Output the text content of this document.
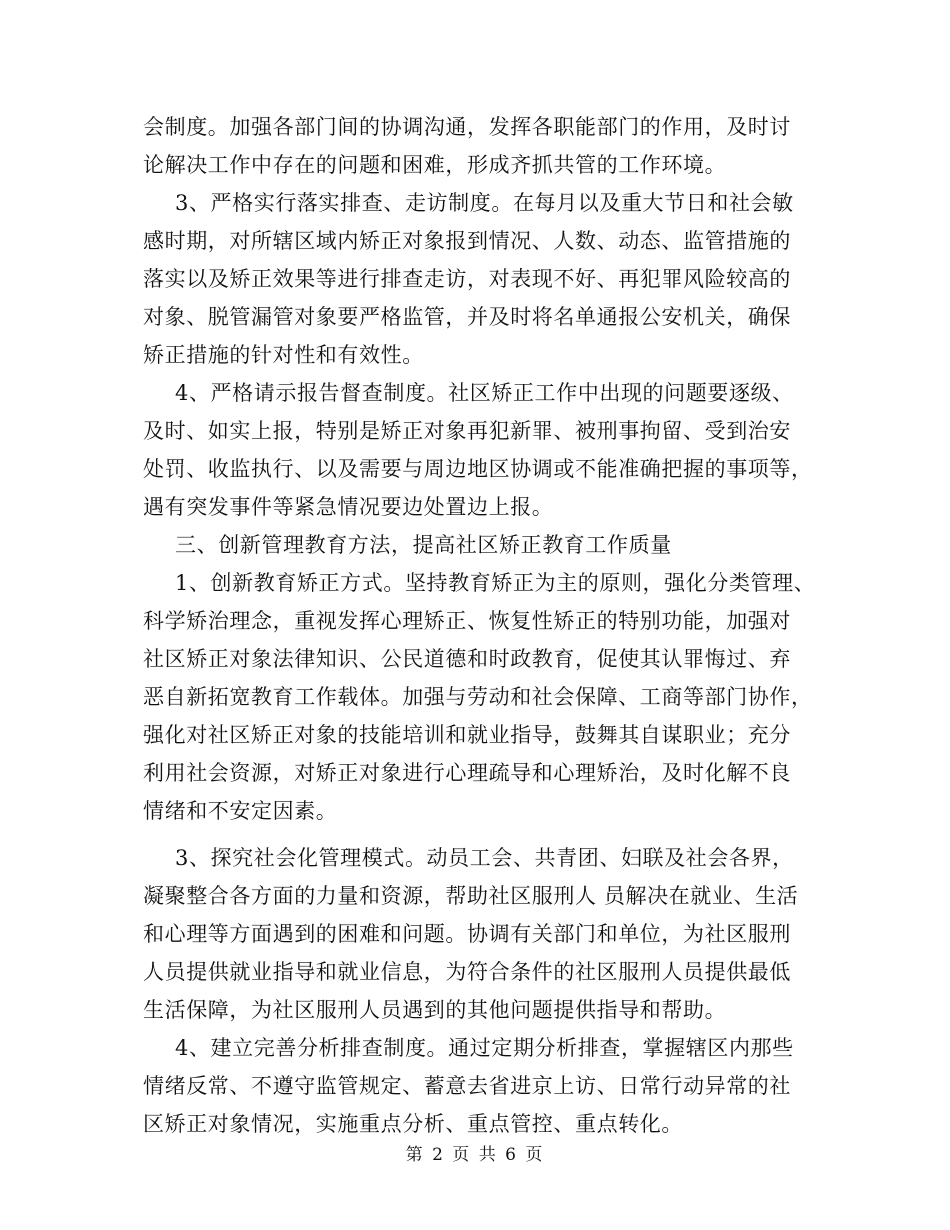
会制度。加强各部门间的协调沟通，发挥各职能部门的作用，及时讨

论解决工作中存在的问题和困难，形成齐抓共管的工作环境。

3、严格实行落实排查、走访制度。在每月以及重大节日和社会敏

感时期，对所辖区域内矫正对象报到情况、人数、动态、监管措施的

落实以及矫正效果等进行排查走访，对表现不好、再犯罪风险较高的

对象、脱管漏管对象要严格监管，并及时将名单通报公安机关，确保

矫正措施的针对性和有效性。

4、严格请示报告督查制度。社区矫正工作中出现的问题要逐级、

及时、如实上报，特别是矫正对象再犯新罪、被刑事拘留、受到治安

处罚、收监执行、以及需要与周边地区协调或不能准确把握的事项等，

遇有突发事件等紧急情况要边处置边上报。

三、创新管理教育方法，提高社区矫正教育工作质量

1、创新教育矫正方式。坚持教育矫正为主的原则，强化分类管理、

科学矫治理念，重视发挥心理矫正、恢复性矫正的特别功能，加强对

社区矫正对象法律知识、公民道德和时政教育，促使其认罪悔过、弃

恶自新拓宽教育工作载体。加强与劳动和社会保障、工商等部门协作，

强化对社区矫正对象的技能培训和就业指导，鼓舞其自谋职业；充分

利用社会资源，对矫正对象进行心理疏导和心理矫治，及时化解不良

情绪和不安定因素。

3、探究社会化管理模式。动员工会、共青团、妇联及社会各界，

凝聚整合各方面的力量和资源，帮助社区服刑人 员解决在就业、生活

和心理等方面遇到的困难和问题。协调有关部门和单位，为社区服刑

人员提供就业指导和就业信息，为符合条件的社区服刑人员提供最低

生活保障，为社区服刑人员遇到的其他问题提供指导和帮助。

4、建立完善分析排查制度。通过定期分析排查，掌握辖区内那些

情绪反常、不遵守监管规定、蓄意去省进京上访、日常行动异常的社

区矫正对象情况，实施重点分析、重点管控、重点转化。

第 2 页 共 6 页
